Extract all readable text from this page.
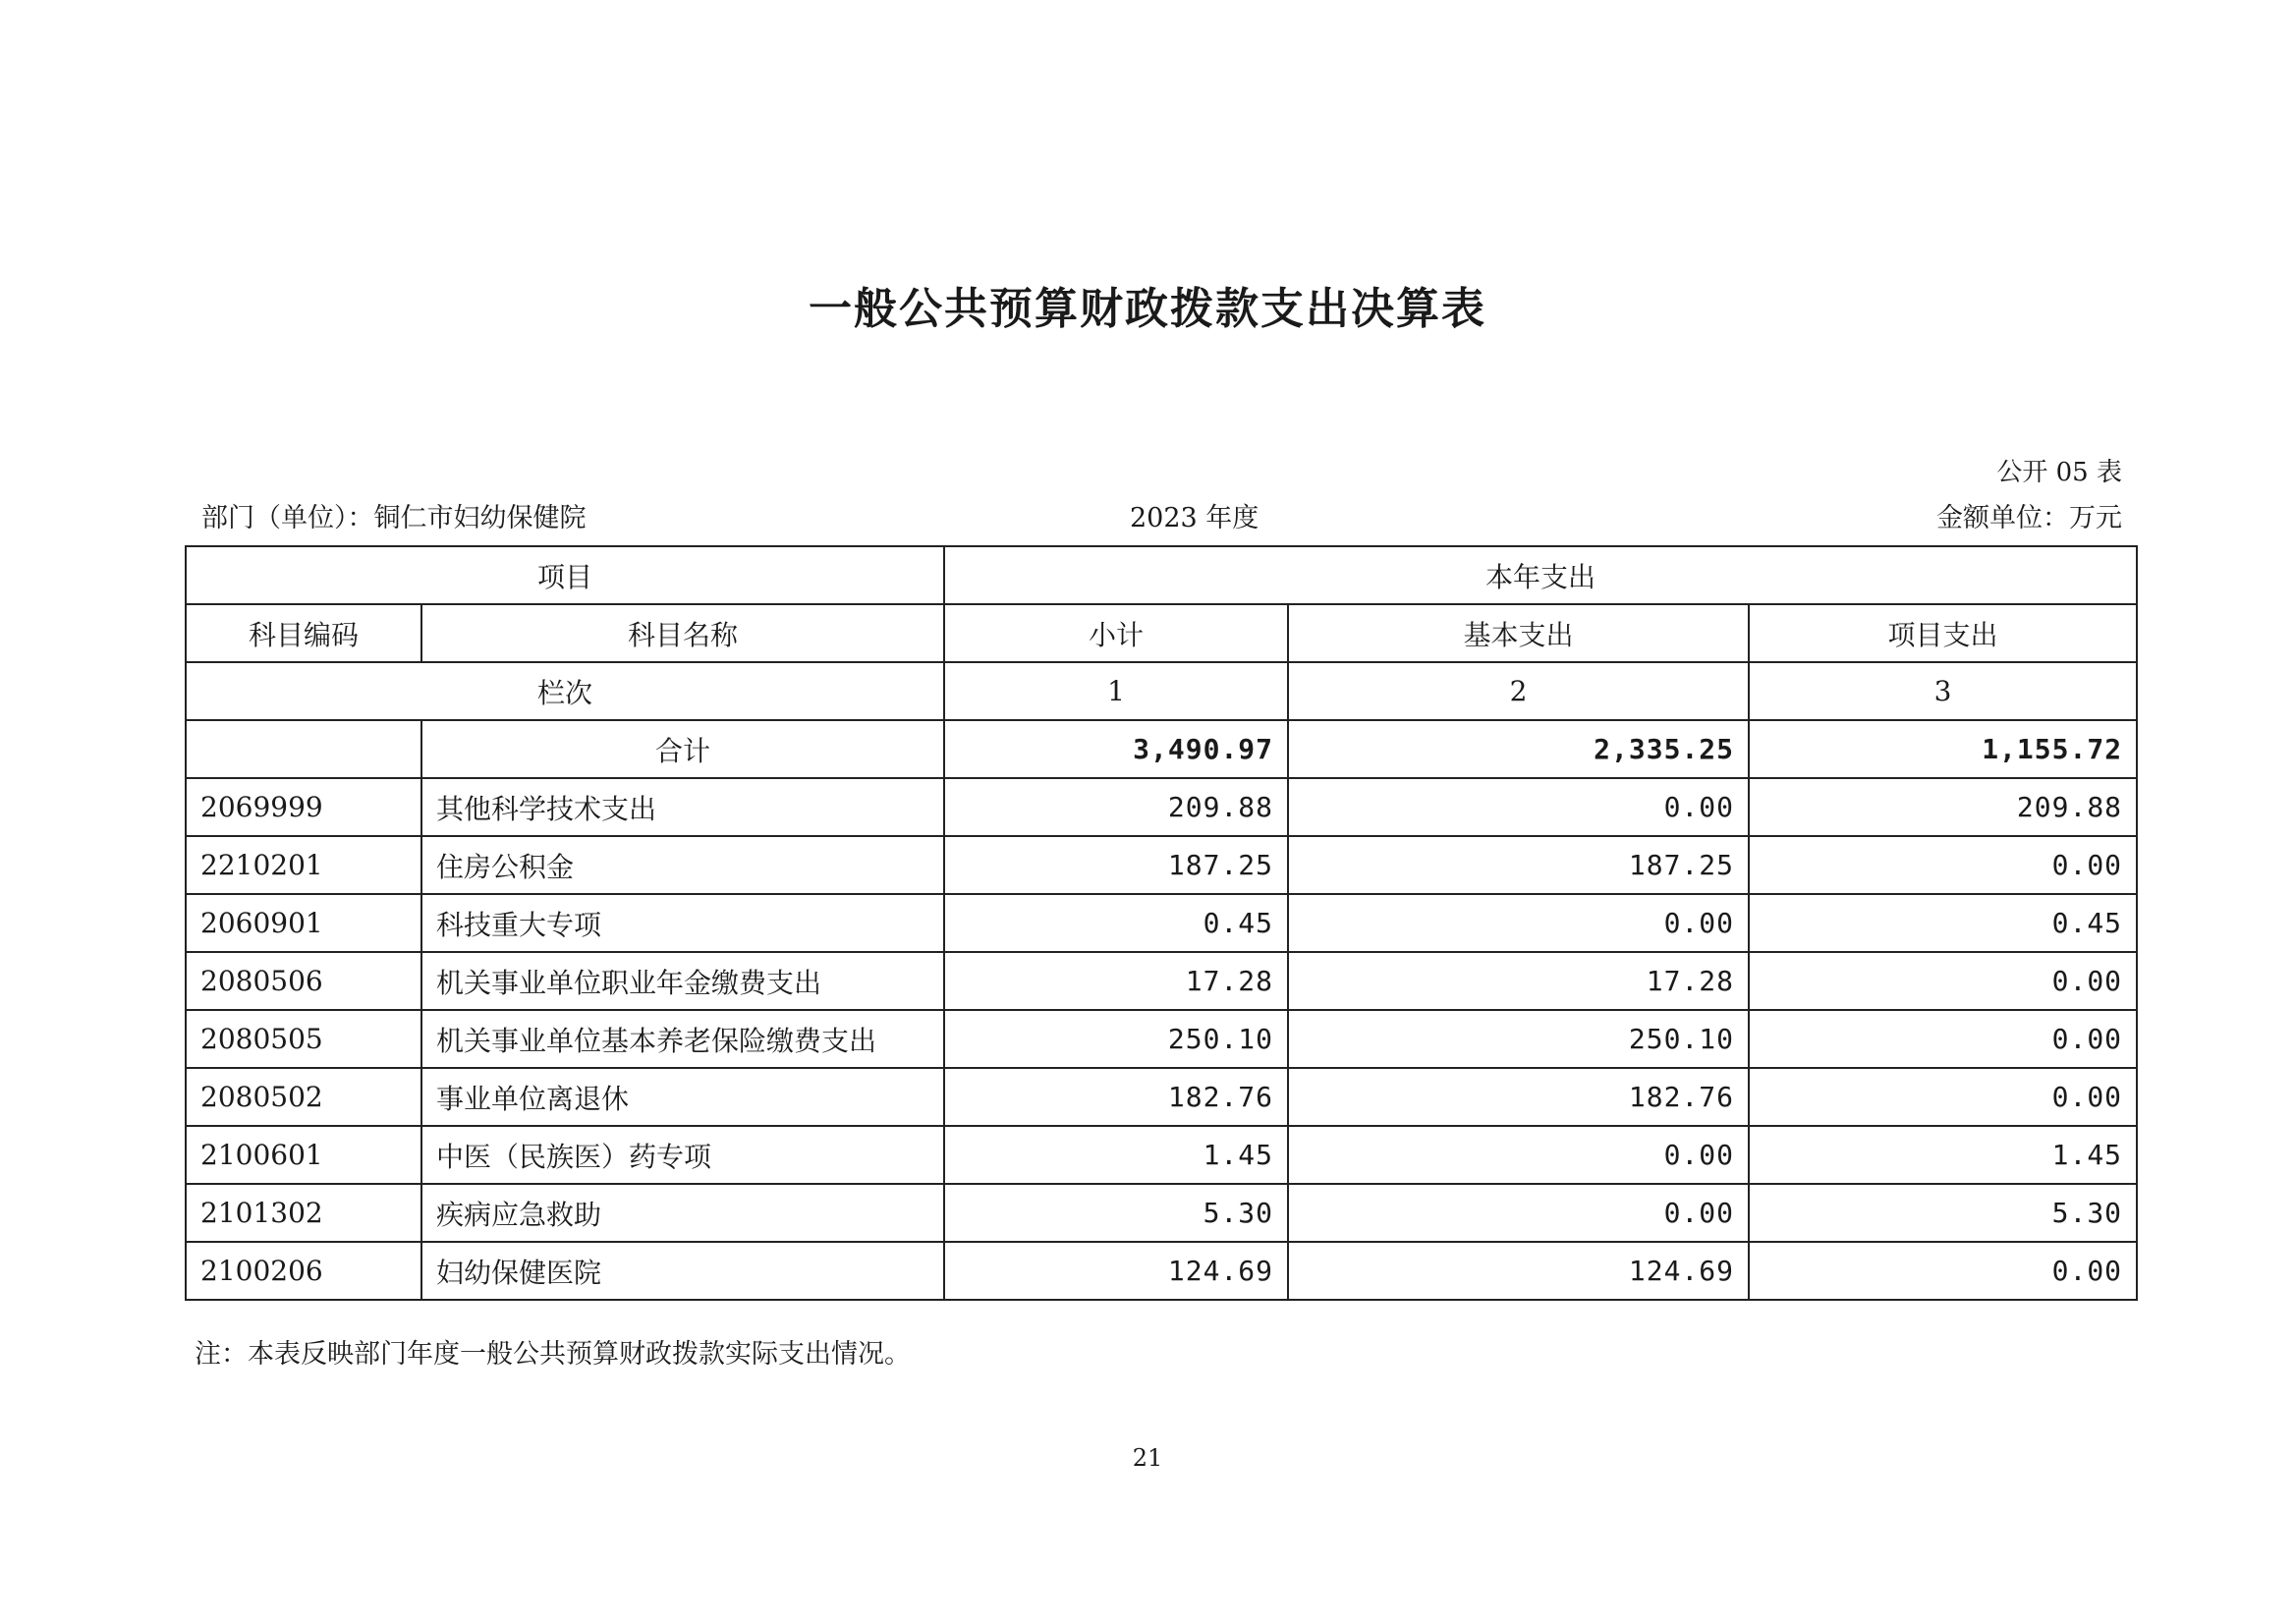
一般公共预算财政拨款支出决算表
公开 05 表
部门（单位）：铜仁市妇幼保健院	2023 年度	金额单位：万元
项目		本年支出		
科目编码	科目名称	小计	基本支出	项目支出
栏次		1	2	3
	合计	3,490.97	2,335.25	1,155.72
2069999	其他科学技术支出	209.88	0.00	209.88
2210201	住房公积金	187.25	187.25	0.00
2060901	科技重大专项	0.45	0.00	0.45
2080506	机关事业单位职业年金缴费支出	17.28	17.28	0.00
2080505	机关事业单位基本养老保险缴费支出	250.10	250.10	0.00
2080502	事业单位离退休	182.76	182.76	0.00
2100601	中医（民族医）药专项	1.45	0.00	1.45
2101302	疾病应急救助	5.30	0.00	5.30
2100206	妇幼保健医院	124.69	124.69	0.00
注：本表反映部门年度一般公共预算财政拨款实际支出情况。
21
